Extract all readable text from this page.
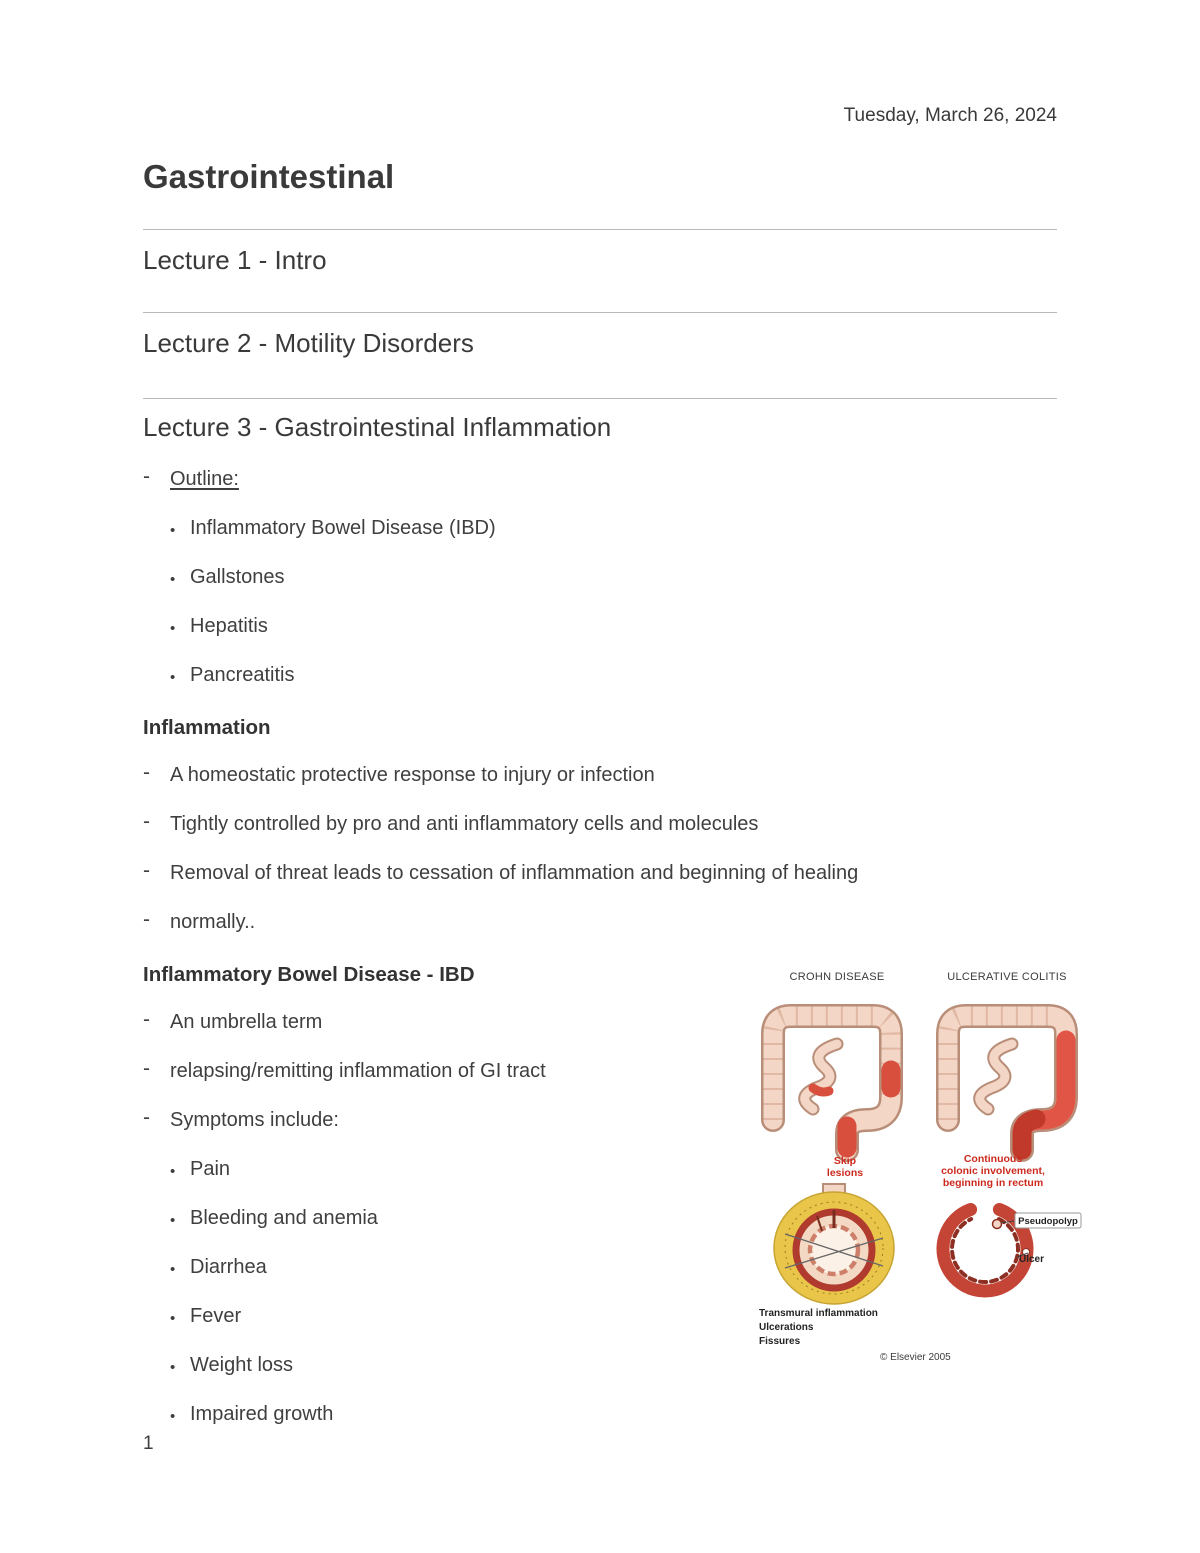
Tuesday, March 26, 2024
Gastrointestinal
Lecture 1 - Intro
Lecture 2 - Motility Disorders
Lecture 3 - Gastrointestinal Inflammation
-
Outline:
•
Inflammatory Bowel Disease (IBD)
•
Gallstones
•
Hepatitis
•
Pancreatitis
Inflammation
-
A homeostatic protective response to injury or infection
-
Tightly controlled by pro and anti inflammatory cells and molecules
-
Removal of threat leads to cessation of inflammation and beginning of healing
-
normally..
Inflammatory Bowel Disease - IBD
-
An umbrella term
-
relapsing/remitting inflammation of GI tract
-
Symptoms include:
•
Pain
•
Bleeding and anemia
•
Diarrhea
•
Fever
•
Weight loss
•
Impaired growth
CROHN DISEASE	ULCERATIVE COLITIS
Skip
lesions
Continuous
colonic involvement,
beginning in rectum
Transmural inflammation
Ulcerations
Fissures
Pseudopolyp
Ulcer
© Elsevier 2005
1
